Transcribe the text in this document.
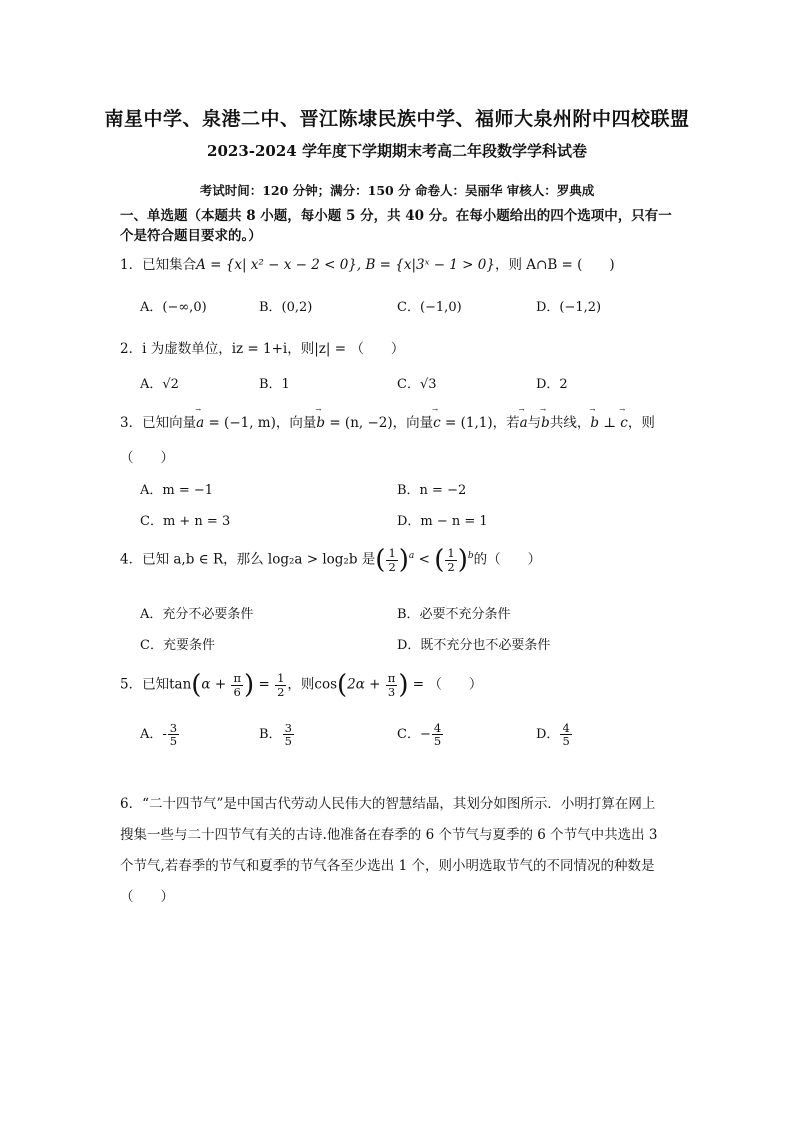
南星中学、泉港二中、晋江陈埭民族中学、福师大泉州附中四校联盟
2023-2024 学年度下学期期末考高二年段数学学科试卷
考试时间：120 分钟；满分：150 分 命卷人：吴丽华 审核人：罗典成
一、单选题（本题共 8 小题，每小题 5 分，共 40 分。在每小题给出的四个选项中，只有一
个是符合题目要求的。）
1．已知集合A = {x| x² − x − 2 < 0}, B = {x|3ˣ − 1 > 0}，则 A∩B = (　　)
A．(−∞,0)	B．(0,2)	C．(−1,0)	D．(−1,2)
2．i 为虚数单位，iz = 1+i，则|z| = （　　）
A．√2	B．1	C．√3	D．2
3．已知向量→ a = (−1, m)，向量→ b = (n, −2)，向量→ c = (1,1)，若→ a与→ b共线，→ b ⊥ → c，则
（　　）
A．m = −1	B．n = −2
C．m + n = 3	D．m − n = 1
4．已知 a,b ∈ R，那么 log₂a > log₂b 是( $\frac{1}{2} )^a$ < ( $\frac{1}{2} )^b$的（　　）
A．充分不必要条件	B．必要不充分条件
C．充要条件	D．既不充分也不必要条件
5．已知$\tan(\alpha + \frac{\pi}{6}$ ) = $\frac{1}{2}$ ，则$\cos(2\alpha + \frac{\pi}{3}$ ) = （　　）
A．- $\frac{3}{5}$	B． $\frac{3}{5}$	C．− $\frac{4}{5}$	D． $\frac{4}{5}$
6．“二十四节气”是中国古代劳动人民伟大的智慧结晶，其划分如图所示．小明打算在网上
搜集一些与二十四节气有关的古诗.他准备在春季的 6 个节气与夏季的 6 个节气中共选出 3
个节气,若春季的节气和夏季的节气各至少选出 1 个，则小明选取节气的不同情况的种数是
（　　）
